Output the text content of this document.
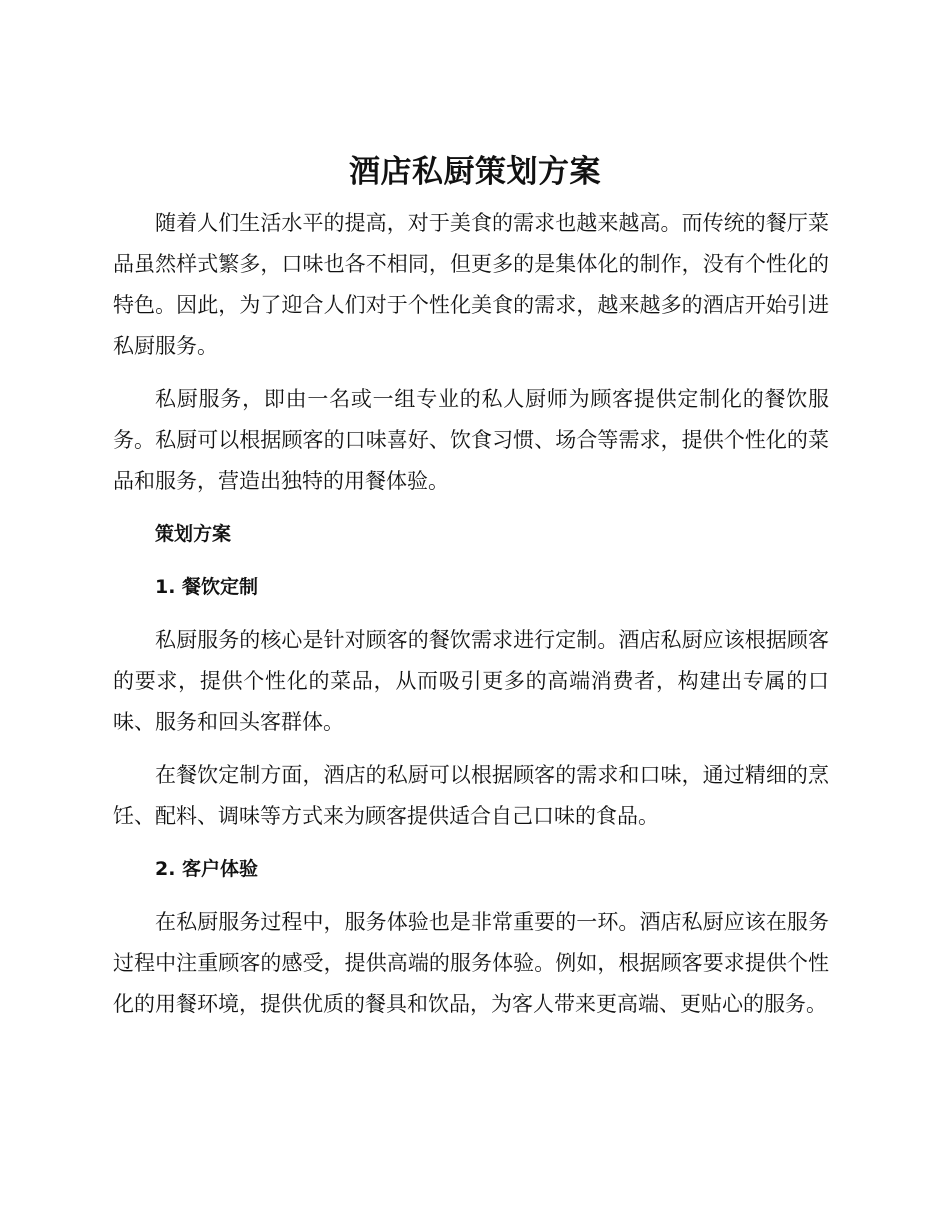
酒店私厨策划方案

随着人们生活水平的提高，对于美食的需求也越来越高。而传统的餐厅菜品虽然样式繁多，口味也各不相同，但更多的是集体化的制作，没有个性化的特色。因此，为了迎合人们对于个性化美食的需求，越来越多的酒店开始引进私厨服务。

私厨服务，即由一名或一组专业的私人厨师为顾客提供定制化的餐饮服务。私厨可以根据顾客的口味喜好、饮食习惯、场合等需求，提供个性化的菜品和服务，营造出独特的用餐体验。

策划方案

1. 餐饮定制

私厨服务的核心是针对顾客的餐饮需求进行定制。酒店私厨应该根据顾客的要求，提供个性化的菜品，从而吸引更多的高端消费者，构建出专属的口味、服务和回头客群体。

在餐饮定制方面，酒店的私厨可以根据顾客的需求和口味，通过精细的烹饪、配料、调味等方式来为顾客提供适合自己口味的食品。

2. 客户体验

在私厨服务过程中，服务体验也是非常重要的一环。酒店私厨应该在服务过程中注重顾客的感受，提供高端的服务体验。例如，根据顾客要求提供个性化的用餐环境，提供优质的餐具和饮品，为客人带来更高端、更贴心的服务。
